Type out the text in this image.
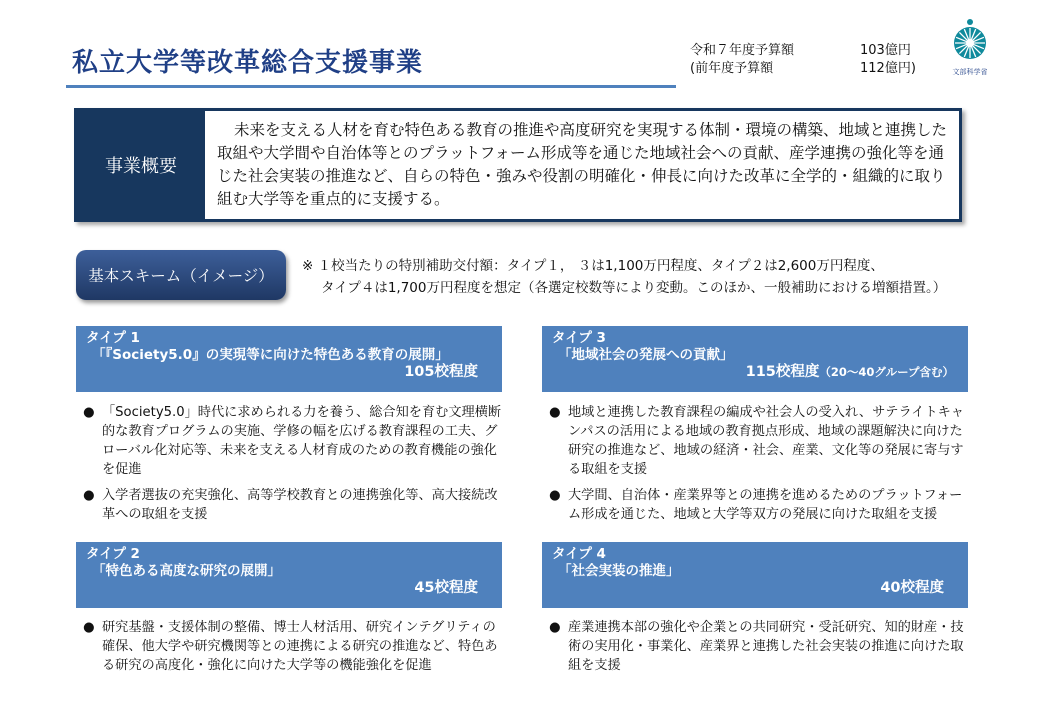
私立大学等改革総合支援事業	令和７年度予算額	103億円
(前年度予算額	112億円)	文部科学省
事業概要
未来を支える人材を育む特色ある教育の推進や高度研究を実現する体制・環境の構築、地域と連携した取組や大学間や自治体等とのプラットフォーム形成等を通じた地域社会への貢献、産学連携の強化等を通じた社会実装の推進など、自らの特色・強みや役割の明確化・伸長に向けた改革に全学的・組織的に取り組む大学等を重点的に支援する。
基本スキーム（イメージ）
※ １校当たりの特別補助交付額：タイプ１， ３は1,100万円程度、タイプ２は2,600万円程度、
タイプ４は1,700万円程度を想定（各選定校数等により変動。このほか、一般補助における増額措置。）
タイプ 1
「『Society5.0』の実現等に向けた特色ある教育の展開」
105校程度
● 「Society5.0」時代に求められる力を養う、総合知を育む文理横断的な教育プログラムの実施、学修の幅を広げる教育課程の工夫、グローバル化対応等、未来を支える人材育成のための教育機能の強化を促進
● 入学者選抜の充実強化、高等学校教育との連携強化等、高大接続改革への取組を支援
タイプ 3
「地域社会の発展への貢献」
115校程度（20～40グループ含む）
● 地域と連携した教育課程の編成や社会人の受入れ、サテライトキャンパスの活用による地域の教育拠点形成、地域の課題解決に向けた研究の推進など、地域の経済・社会、産業、文化等の発展に寄与する取組を支援
● 大学間、自治体・産業界等との連携を進めるためのプラットフォーム形成を通じた、地域と大学等双方の発展に向けた取組を支援
タイプ 2
「特色ある高度な研究の展開」
45校程度
● 研究基盤・支援体制の整備、博士人材活用、研究インテグリティの確保、他大学や研究機関等との連携による研究の推進など、特色ある研究の高度化・強化に向けた大学等の機能強化を促進
タイプ 4
「社会実装の推進」
40校程度
● 産業連携本部の強化や企業との共同研究・受託研究、知的財産・技術の実用化・事業化、産業界と連携した社会実装の推進に向けた取組を支援
